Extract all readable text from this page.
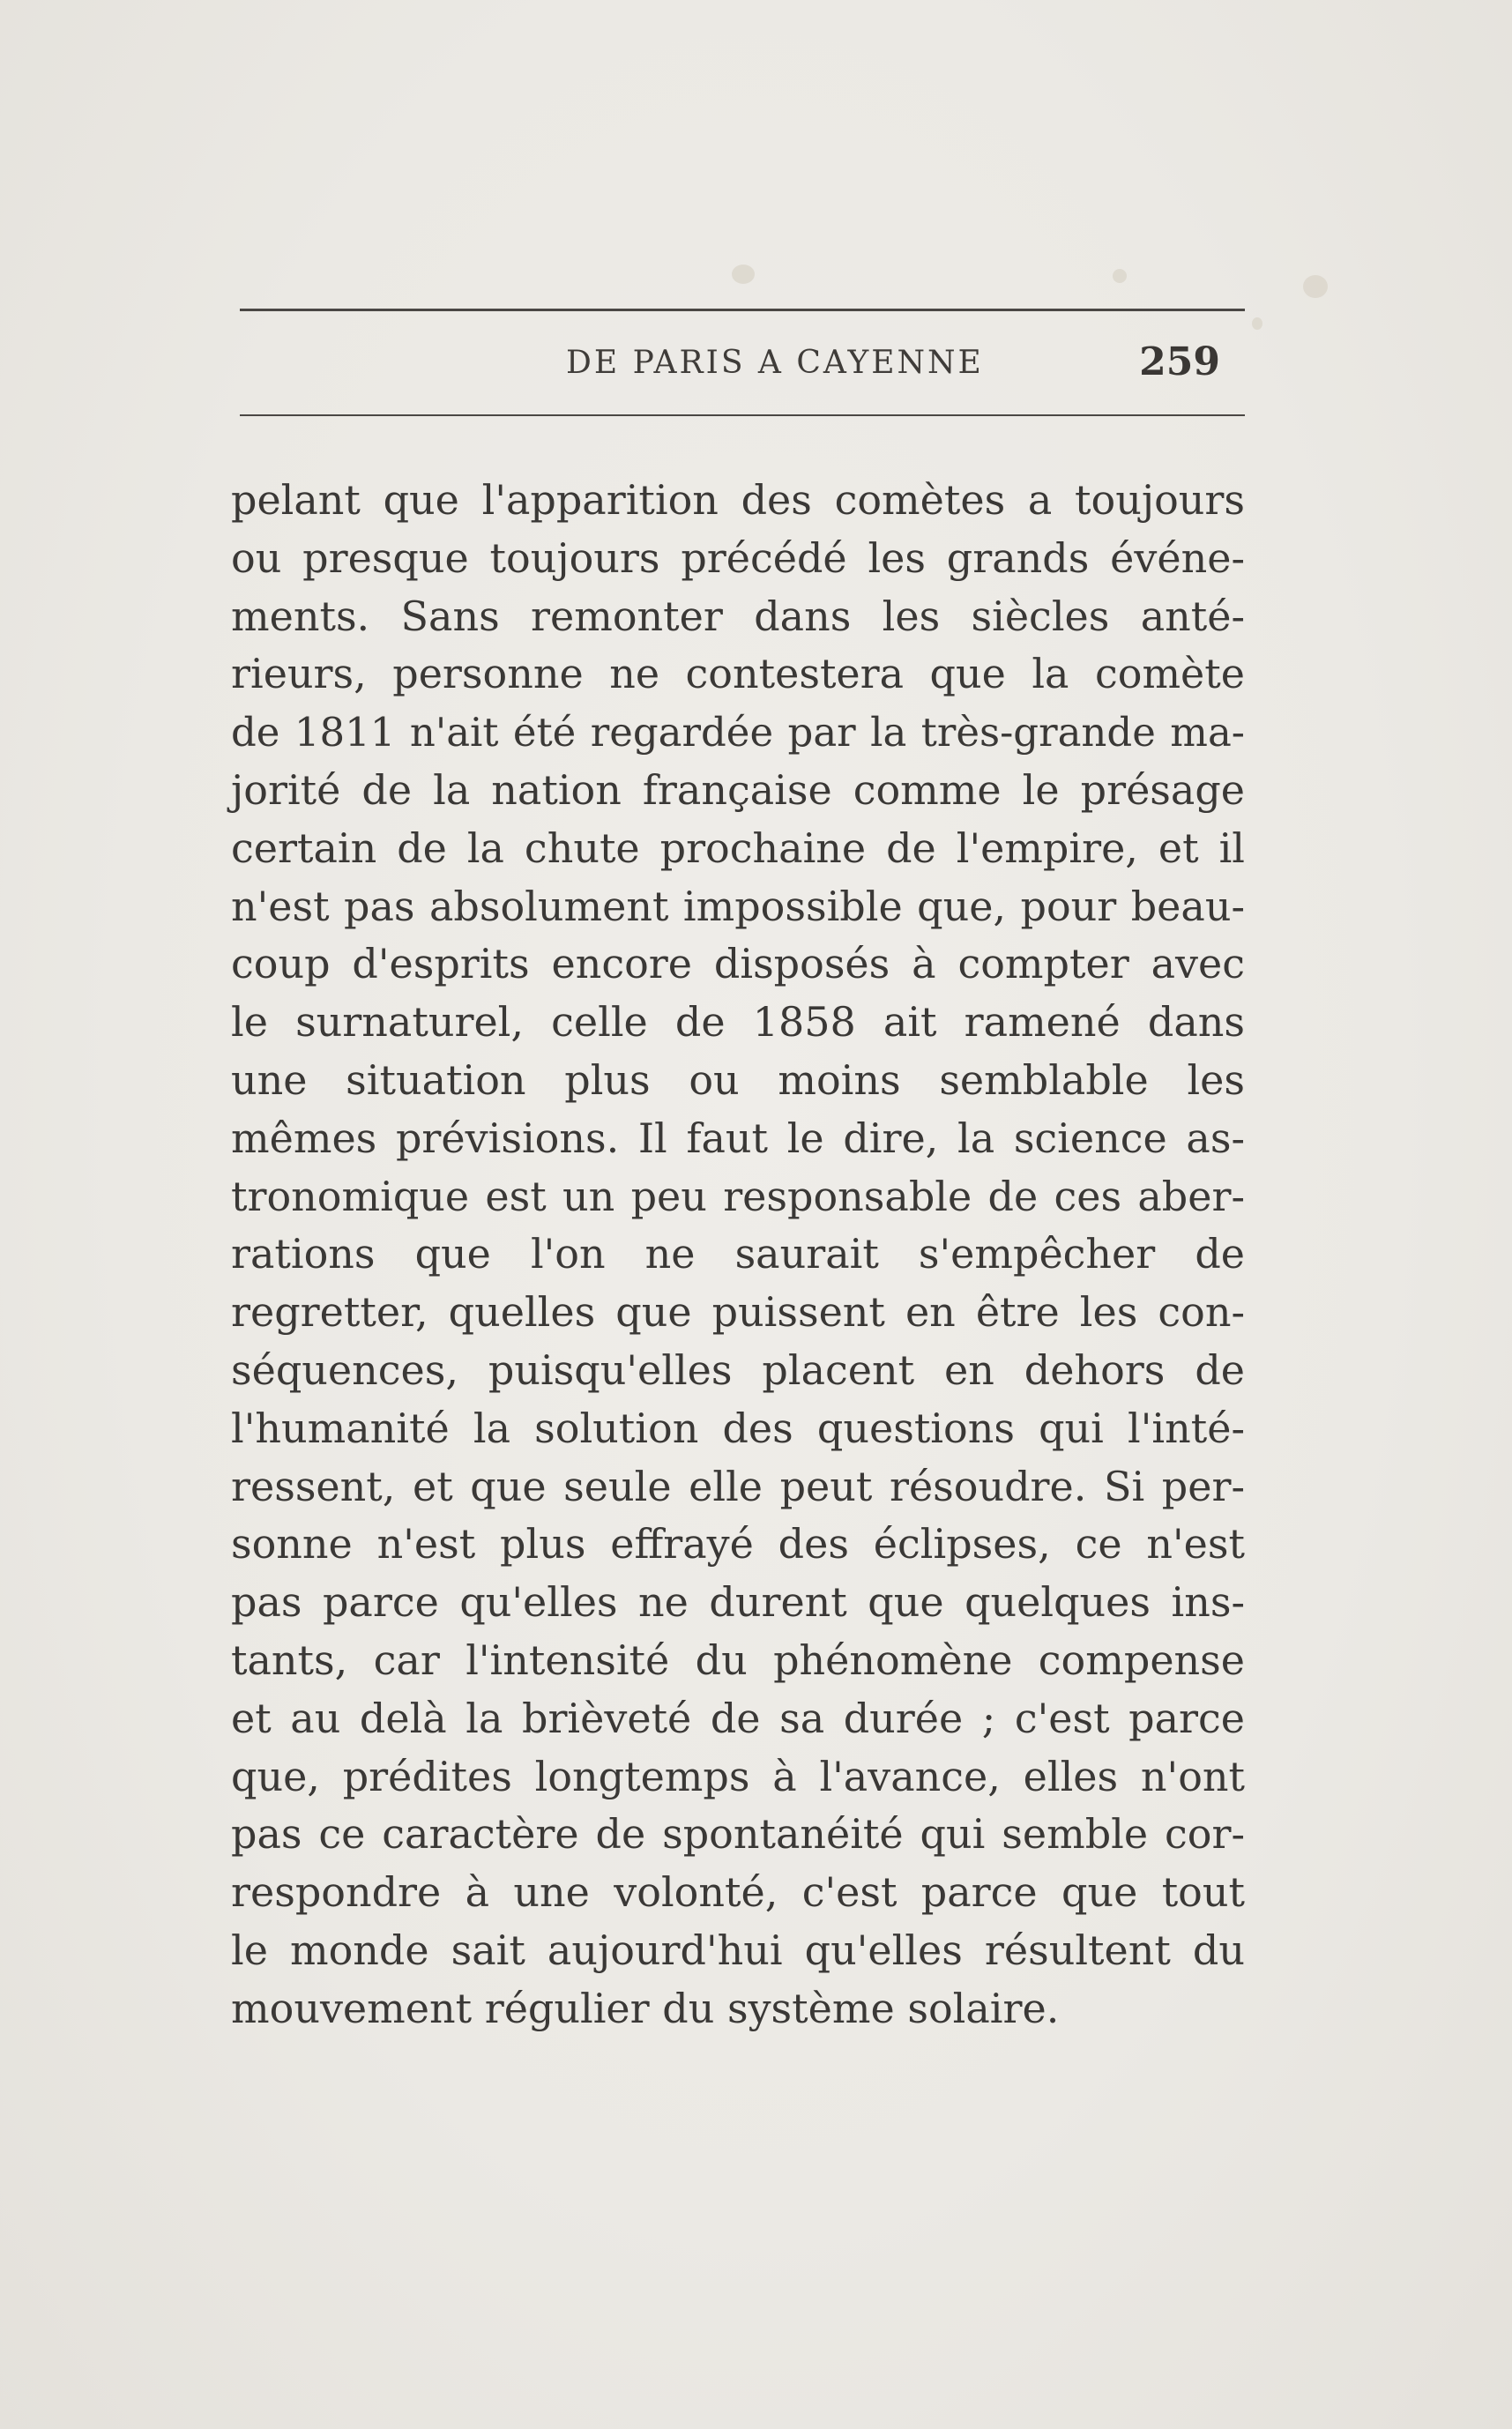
DE PARIS A CAYENNE	259
pelant que l'apparition des comètes a toujours
ou presque toujours précédé les grands événe-
ments. Sans remonter dans les siècles anté-
rieurs, personne ne contestera que la comète
de 1811 n'ait été regardée par la très-grande ma-
jorité de la nation française comme le présage
certain de la chute prochaine de l'empire, et il
n'est pas absolument impossible que, pour beau-
coup d'esprits encore disposés à compter avec
le surnaturel, celle de 1858 ait ramené dans
une situation plus ou moins semblable les
mêmes prévisions. Il faut le dire, la science as-
tronomique est un peu responsable de ces aber-
rations que l'on ne saurait s'empêcher de
regretter, quelles que puissent en être les con-
séquences, puisqu'elles placent en dehors de
l'humanité la solution des questions qui l'inté-
ressent, et que seule elle peut résoudre. Si per-
sonne n'est plus effrayé des éclipses, ce n'est
pas parce qu'elles ne durent que quelques ins-
tants, car l'intensité du phénomène compense
et au delà la brièveté de sa durée ; c'est parce
que, prédites longtemps à l'avance, elles n'ont
pas ce caractère de spontanéité qui semble cor-
respondre à une volonté, c'est parce que tout
le monde sait aujourd'hui qu'elles résultent du
mouvement régulier du système solaire.
